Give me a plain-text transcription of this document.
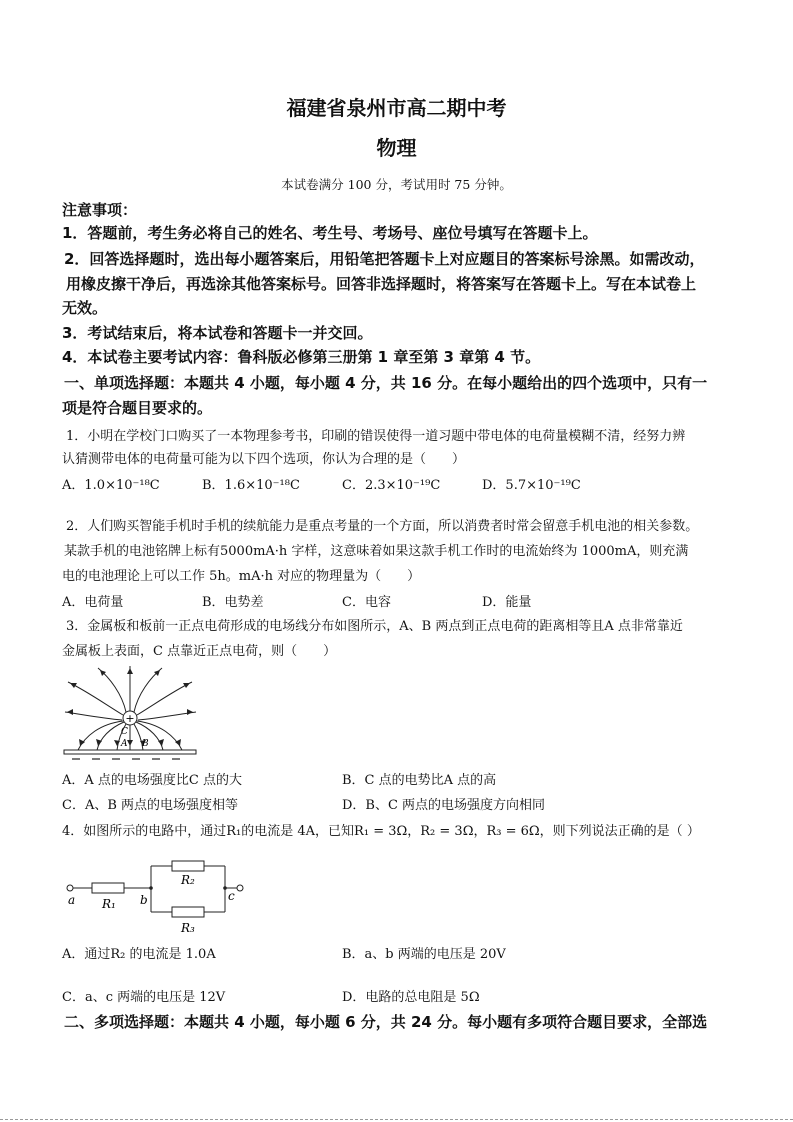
福建省泉州市高二期中考
物理
本试卷满分 100 分，考试用时 75 分钟。
注意事项：
1．答题前，考生务必将自己的姓名、考生号、考场号、座位号填写在答题卡上。
2．回答选择题时，选出每小题答案后，用铅笔把答题卡上对应题目的答案标号涂黑。如需改动，
用橡皮擦干净后，再选涂其他答案标号。回答非选择题时，将答案写在答题卡上。写在本试卷上
无效。
3．考试结束后，将本试卷和答题卡一并交回。
4．本试卷主要考试内容：鲁科版必修第三册第 1 章至第 3 章第 4 节。
一、单项选择题：本题共 4 小题，每小题 4 分，共 16 分。在每小题给出的四个选项中，只有一
项是符合题目要求的。
1．小明在学校门口购买了一本物理参考书，印刷的错误使得一道习题中带电体的电荷量模糊不清，经努力辨
认猜测带电体的电荷量可能为以下四个选项，你认为合理的是（　　）
A．1.0×10⁻¹⁸C	B．1.6×10⁻¹⁸C	C．2.3×10⁻¹⁹C	D．5.7×10⁻¹⁹C
2．人们购买智能手机时手机的续航能力是重点考量的一个方面，所以消费者时常会留意手机电池的相关参数。
某款手机的电池铭牌上标有5000mA·h 字样，这意味着如果这款手机工作时的电流始终为 1000mA，则充满
电的电池理论上可以工作 5h。mA·h 对应的物理量为（　　）
A．电荷量	B．电势差	C．电容	D．能量
3．金属板和板前一正点电荷形成的电场线分布如图所示，A、B 两点到正点电荷的距离相等且A 点非常靠近
金属板上表面，C 点靠近正点电荷，则（　　）
+
C
A B
A．A 点的电场强度比C 点的大	B．C 点的电势比A 点的高
C．A、B 两点的电场强度相等	D．B、C 两点的电场强度方向相同
4．如图所示的电路中，通过R₁的电流是 4A，已知R₁ = 3Ω，R₂ = 3Ω，R₃ = 6Ω，则下列说法正确的是（ ）
a	b	c
R₁
R₂
R₃
A．通过R₂ 的电流是 1.0A	B．a、b 两端的电压是 20V
C．a、c 两端的电压是 12V	D．电路的总电阻是 5Ω
二、多项选择题：本题共 4 小题，每小题 6 分，共 24 分。每小题有多项符合题目要求，全部选
